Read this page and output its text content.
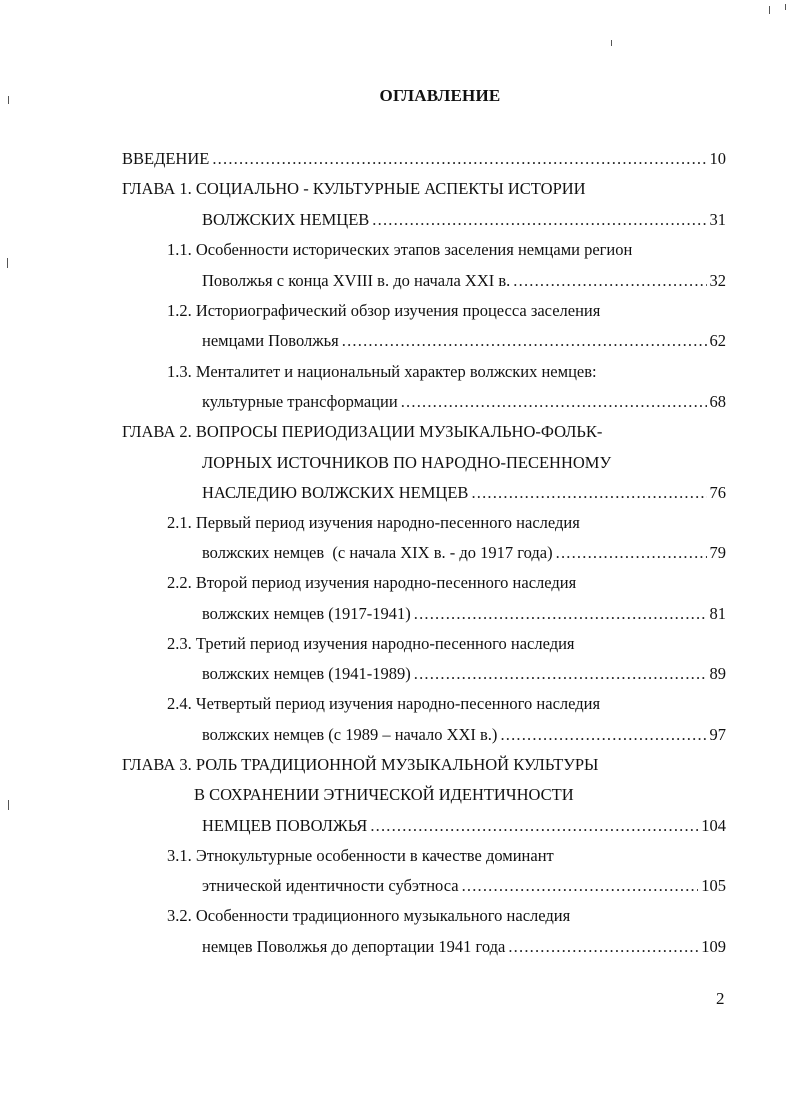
ОГЛАВЛЕНИЕ
ВВЕДЕНИЕ .....	10
ГЛАВА 1. СОЦИАЛЬНО - КУЛЬТУРНЫЕ АСПЕКТЫ ИСТОРИИ
ВОЛЖСКИХ НЕМЦЕВ .....	31
1.1. Особенности исторических этапов заселения немцами регион
Поволжья с конца XVIII в. до начала XXI в. .....	32
1.2. Историографический обзор изучения процесса заселения
немцами Поволжья .....	62
1.3. Менталитет и национальный характер волжских немцев:
культурные трансформации .....	68
ГЛАВА 2. ВОПРОСЫ ПЕРИОДИЗАЦИИ МУЗЫКАЛЬНО-ФОЛЬК-
ЛОРНЫХ ИСТОЧНИКОВ ПО НАРОДНО-ПЕСЕННОМУ
НАСЛЕДИЮ ВОЛЖСКИХ НЕМЦЕВ .....	76
2.1. Первый период изучения народно-песенного наследия
волжских немцев  (с начала XIX в. - до 1917 года) .....	79
2.2. Второй период изучения народно-песенного наследия
волжских немцев (1917-1941) .....	81
2.3. Третий период изучения народно-песенного наследия
волжских немцев (1941-1989) .....	89
2.4. Четвертый период изучения народно-песенного наследия
волжских немцев (с 1989 – начало XXI в.) .....	97
ГЛАВА 3. РОЛЬ ТРАДИЦИОННОЙ МУЗЫКАЛЬНОЙ КУЛЬТУРЫ
В СОХРАНЕНИИ ЭТНИЧЕСКОЙ ИДЕНТИЧНОСТИ
НЕМЦЕВ ПОВОЛЖЬЯ .....	104
3.1. Этнокультурные особенности в качестве доминант
этнической идентичности субэтноса .....	105
3.2. Особенности традиционного музыкального наследия
немцев Поволжья до депортации 1941 года .....	109
2
